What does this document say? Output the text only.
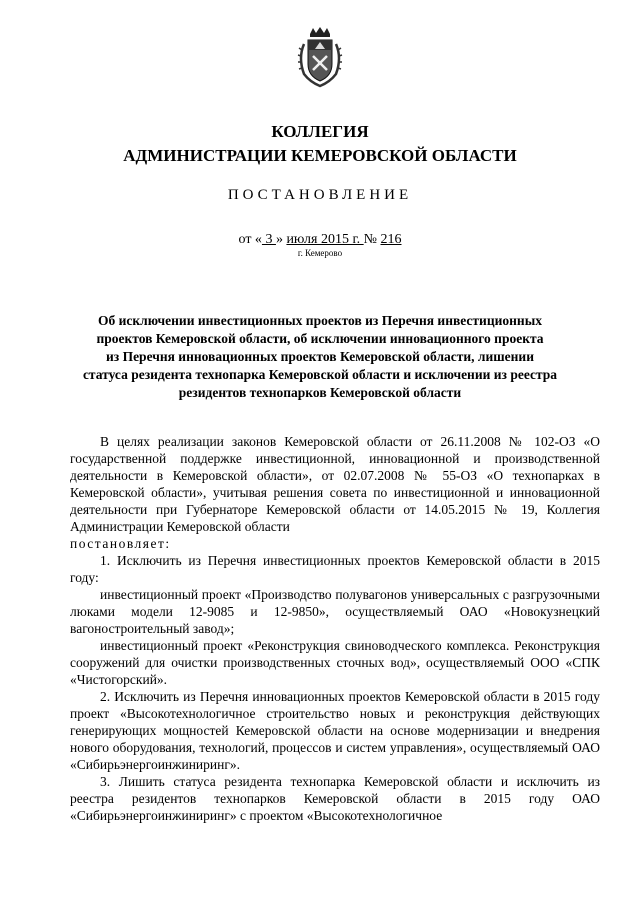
КОЛЛЕГИЯ
АДМИНИСТРАЦИИ КЕМЕРОВСКОЙ ОБЛАСТИ
ПОСТАНОВЛЕНИЕ
от « 3 » июля 2015 г. № 216
г. Кемерово
Об исключении инвестиционных проектов из Перечня инвестиционных
проектов Кемеровской области, об исключении инновационного проекта
из Перечня инновационных проектов Кемеровской области, лишении
статуса резидента технопарка Кемеровской области и исключении из реестра
резидентов технопарков Кемеровской области

В целях реализации законов Кемеровской области от 26.11.2008 № 102-ОЗ «О государственной поддержке инвестиционной, инновационной и производственной деятельности в Кемеровской области», от 02.07.2008 № 55-ОЗ «О технопарках в Кемеровской области», учитывая решения совета по инвестиционной и инновационной деятельности при Губернаторе Кемеровской области от 14.05.2015 № 19, Коллегия Администрации Кемеровской области
постановляет:

1. Исключить из Перечня инвестиционных проектов Кемеровской области в 2015 году:

инвестиционный проект «Производство полувагонов универсальных с разгрузочными люками модели 12-9085 и 12-9850», осуществляемый ОАО «Новокузнецкий вагоностроительный завод»;

инвестиционный проект «Реконструкция свиноводческого комплекса. Реконструкция сооружений для очистки производственных сточных вод», осуществляемый ООО «СПК «Чистогорский».

2. Исключить из Перечня инновационных проектов Кемеровской области в 2015 году проект «Высокотехнологичное строительство новых и реконструкция действующих генерирующих мощностей Кемеровской области на основе модернизации и внедрения нового оборудования, технологий, процессов и систем управления», осуществляемый ОАО «Сибирьэнергоинжиниринг».

3. Лишить статуса резидента технопарка Кемеровской области и исключить из реестра резидентов технопарков Кемеровской области в 2015 году ОАО «Сибирьэнергоинжиниринг» с проектом «Высокотехнологичное
